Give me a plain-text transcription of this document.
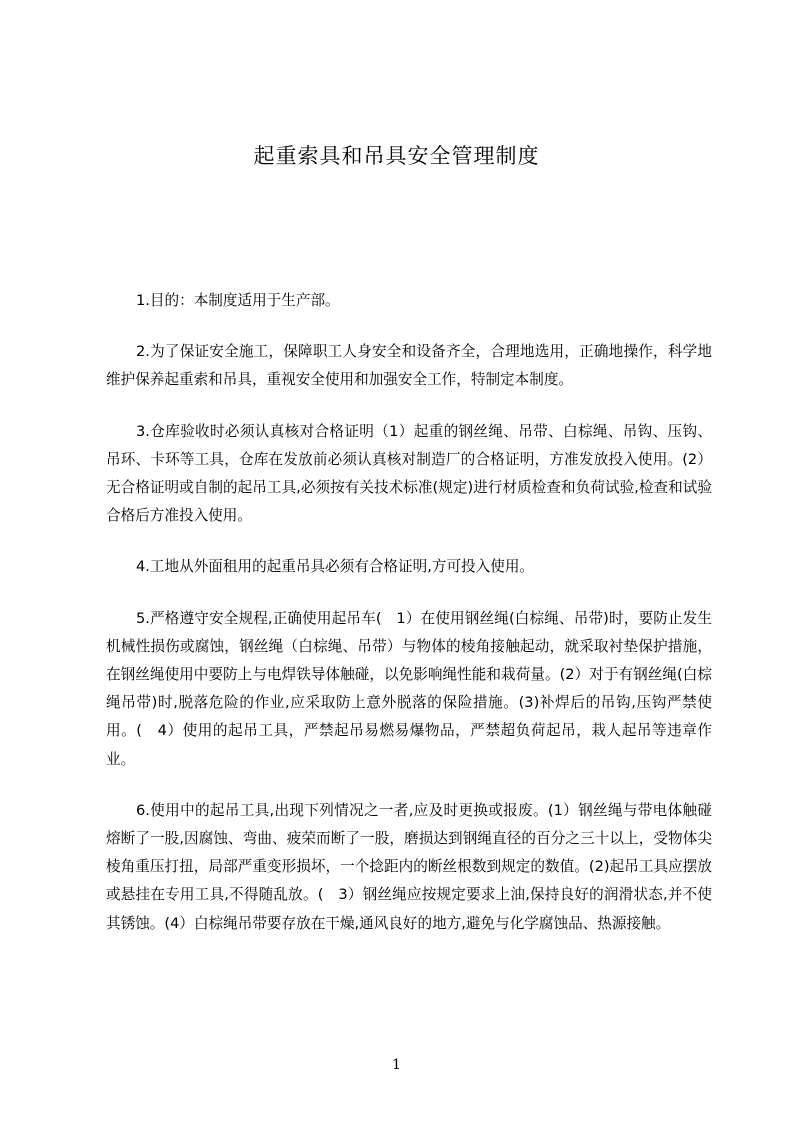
起重索具和吊具安全管理制度

1.目的：本制度适用于生产部。

2.为了保证安全施工，保障职工人身安全和设备齐全，合理地选用，正确地操作，科学地维护保养起重索和吊具，重视安全使用和加强安全工作，特制定本制度。

3.仓库验收时必须认真核对合格证明（1）起重的钢丝绳、吊带、白棕绳、吊钩、压钩、吊环、卡环等工具，仓库在发放前必须认真核对制造厂的合格证明，方准发放投入使用。(2）无合格证明或自制的起吊工具,必须按有关技术标准(规定)进行材质检查和负荷试验,检查和试验合格后方准投入使用。

4.工地从外面租用的起重吊具必须有合格证明,方可投入使用。

5.严格遵守安全规程,正确使用起吊车(　1）在使用钢丝绳(白棕绳、吊带)时，要防止发生机械性损伤或腐蚀，钢丝绳（白棕绳、吊带）与物体的棱角接触起动，就采取衬垫保护措施，在钢丝绳使用中要防上与电焊铁导体触碰，以免影响绳性能和栽荷量。(2）对于有钢丝绳(白棕绳吊带)时,脱落危险的作业,应采取防上意外脱落的保险措施。(3)补焊后的吊钩,压钩严禁使用。(　4）使用的起吊工具，严禁起吊易燃易爆物品，严禁超负荷起吊，栽人起吊等违章作业。

6.使用中的起吊工具,出现下列情况之一者,应及时更换或报废。(1）钢丝绳与带电体触碰熔断了一股,因腐蚀、弯曲、疲荣而断了一股，磨损达到钢绳直径的百分之三十以上，受物体尖棱角重压打扭，局部严重变形损坏，一个捻距内的断丝根数到规定的数值。(2)起吊工具应摆放或悬挂在专用工具,不得随乱放。(　3）钢丝绳应按规定要求上油,保持良好的润滑状态,并不使其锈蚀。(4）白棕绳吊带要存放在干燥,通风良好的地方,避免与化学腐蚀品、热源接触。

1
